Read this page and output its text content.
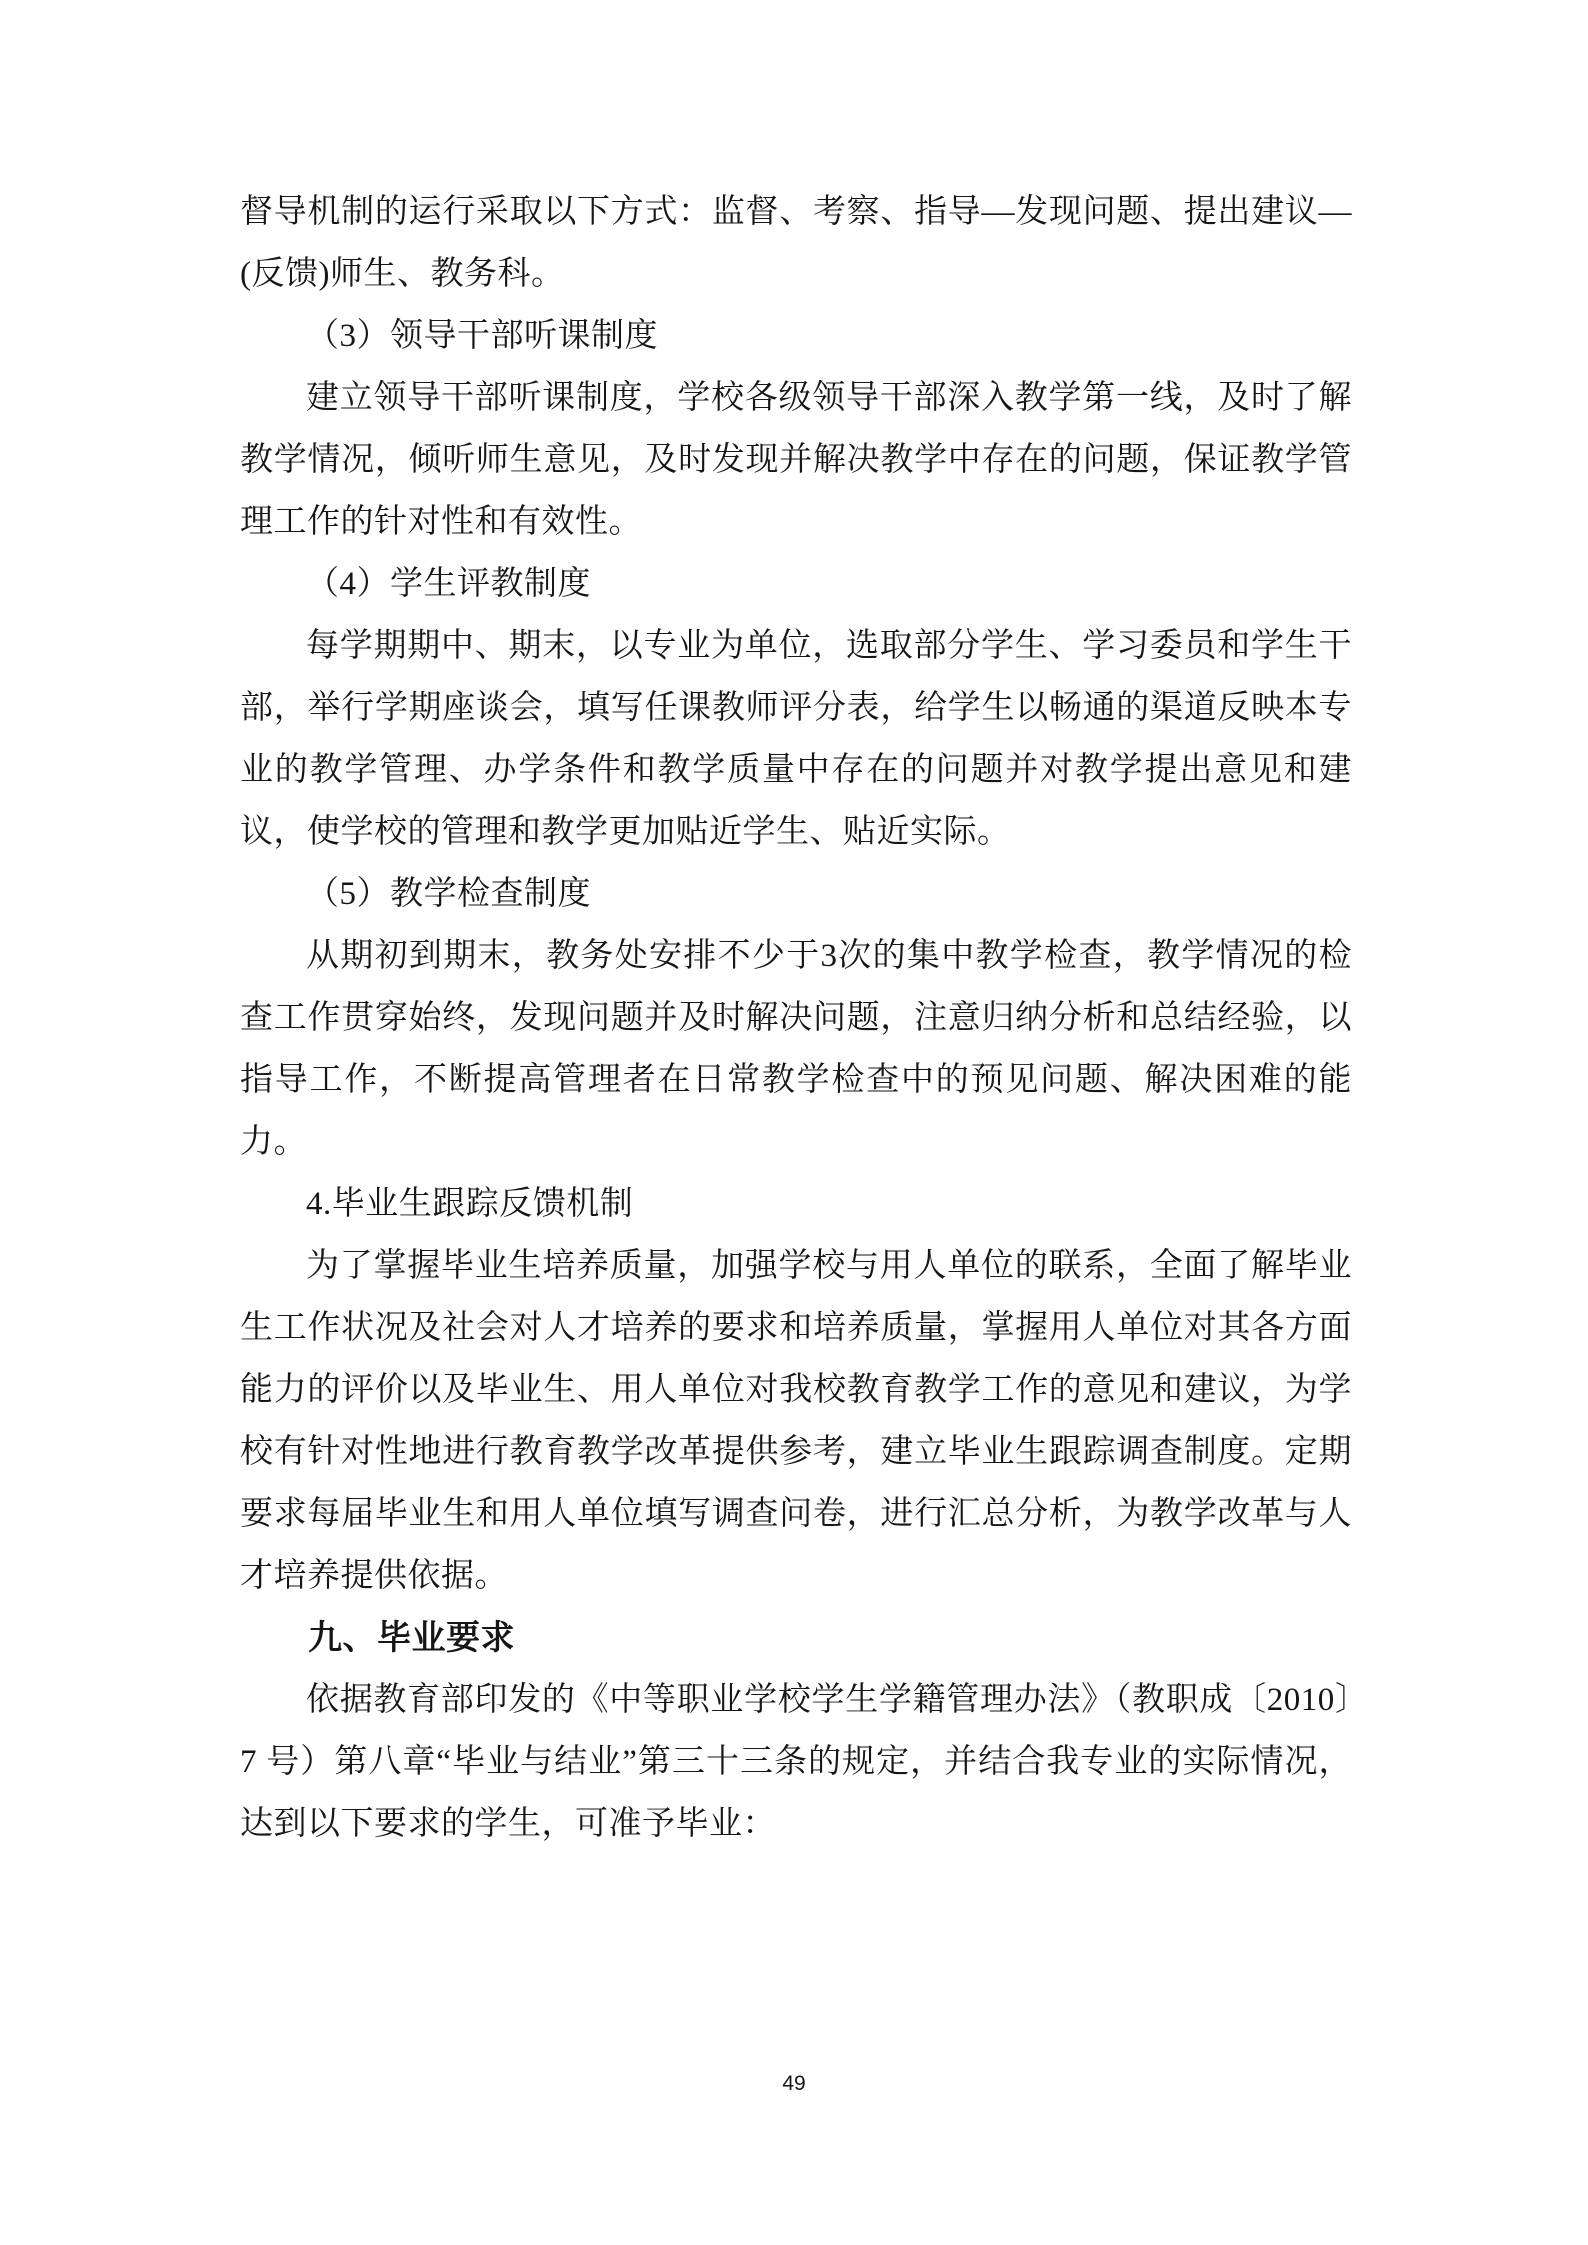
督导机制的运行采取以下方式：监督、考察、指导—发现问题、提出建议—(反馈)师生、教务科。

（3）领导干部听课制度

建立领导干部听课制度，学校各级领导干部深入教学第一线，及时了解教学情况，倾听师生意见，及时发现并解决教学中存在的问题，保证教学管理工作的针对性和有效性。

（4）学生评教制度

每学期期中、期末，以专业为单位，选取部分学生、学习委员和学生干部，举行学期座谈会，填写任课教师评分表，给学生以畅通的渠道反映本专业的教学管理、办学条件和教学质量中存在的问题并对教学提出意见和建议，使学校的管理和教学更加贴近学生、贴近实际。

（5）教学检查制度

从期初到期末，教务处安排不少于3次的集中教学检查，教学情况的检查工作贯穿始终，发现问题并及时解决问题，注意归纳分析和总结经验，以指导工作，不断提高管理者在日常教学检查中的预见问题、解决困难的能力。

4.毕业生跟踪反馈机制

为了掌握毕业生培养质量，加强学校与用人单位的联系，全面了解毕业生工作状况及社会对人才培养的要求和培养质量，掌握用人单位对其各方面能力的评价以及毕业生、用人单位对我校教育教学工作的意见和建议，为学校有针对性地进行教育教学改革提供参考，建立毕业生跟踪调查制度。定期要求每届毕业生和用人单位填写调查问卷，进行汇总分析，为教学改革与人才培养提供依据。

九、毕业要求

依据教育部印发的《中等职业学校学生学籍管理办法》（教职成〔2010〕7 号）第八章“毕业与结业”第三十三条的规定，并结合我专业的实际情况，达到以下要求的学生，可准予毕业：

49
